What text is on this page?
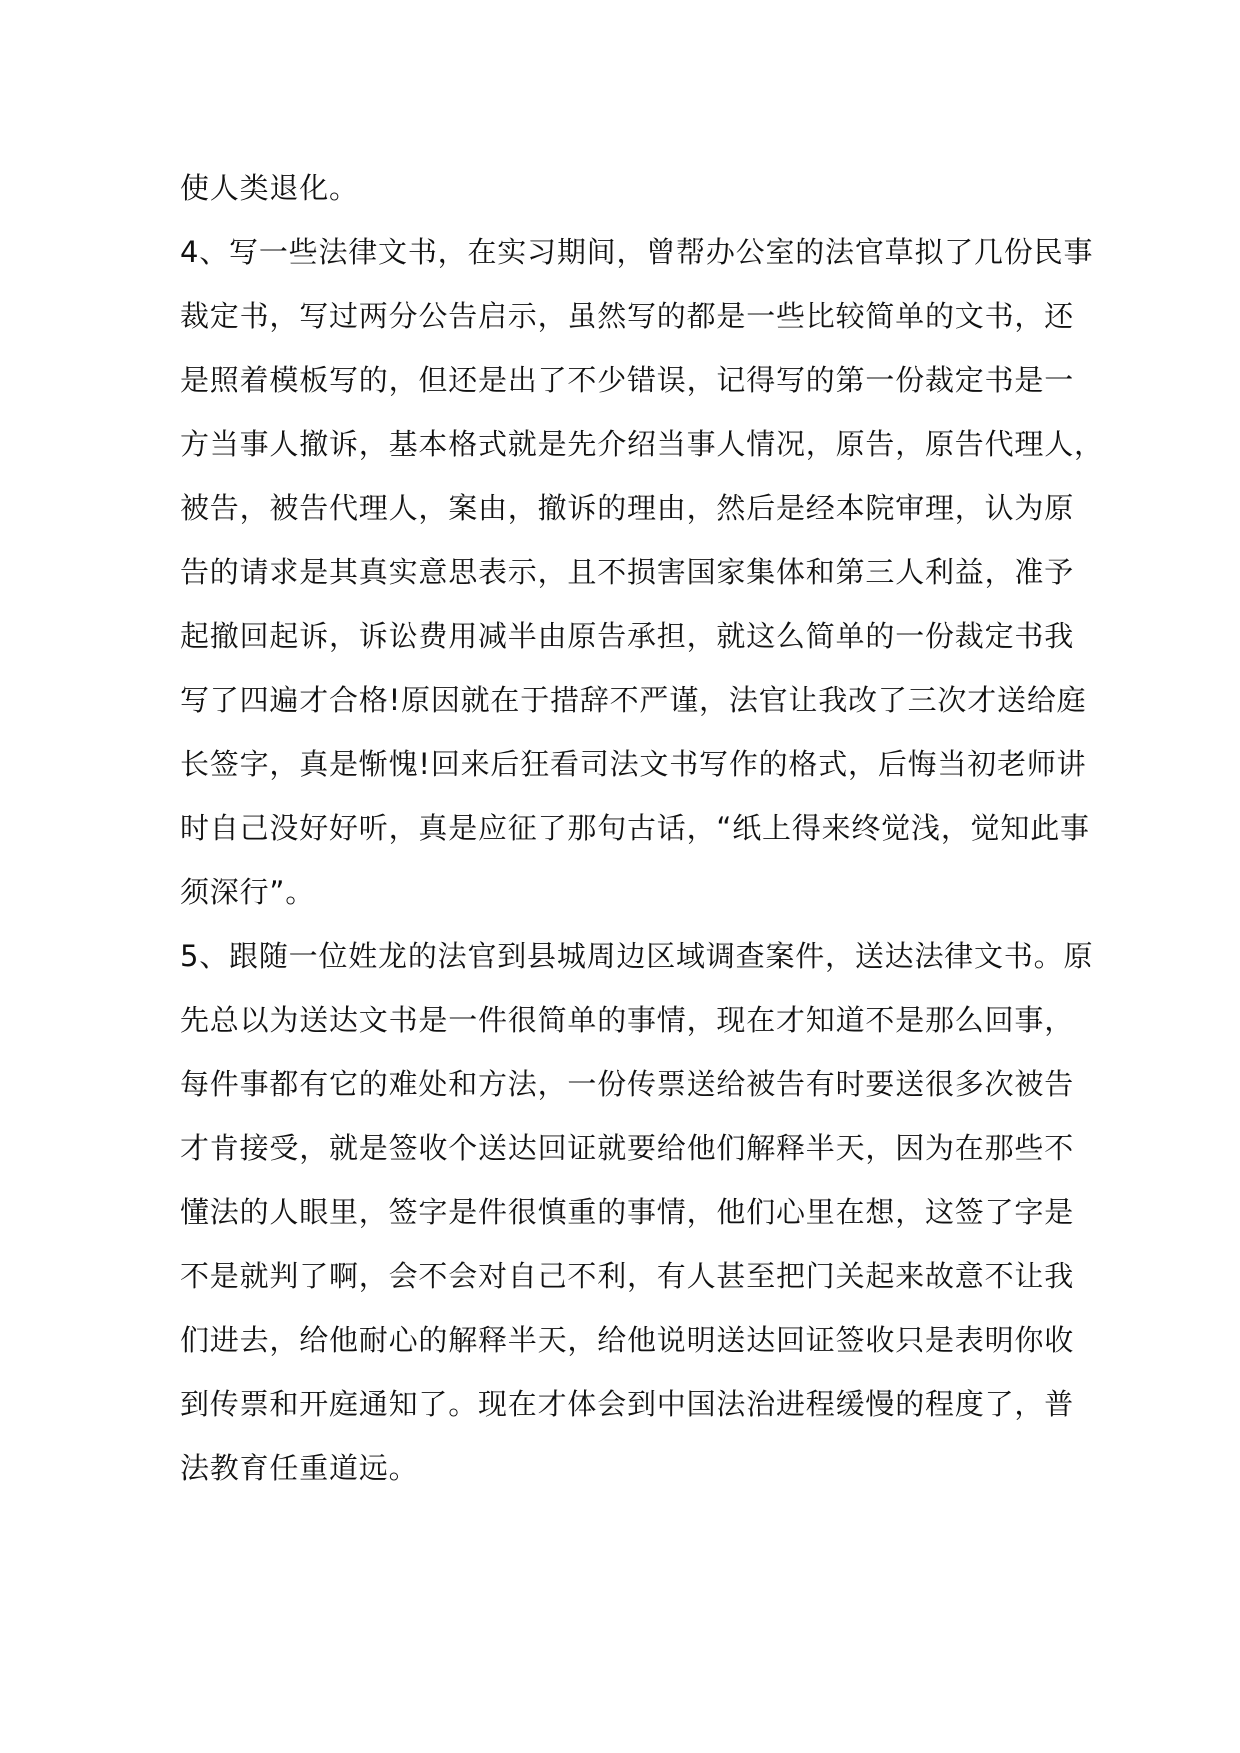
使人类退化。
4、写一些法律文书，在实习期间，曾帮办公室的法官草拟了几份民事
裁定书，写过两分公告启示，虽然写的都是一些比较简单的文书，还
是照着模板写的，但还是出了不少错误，记得写的第一份裁定书是一
方当事人撤诉，基本格式就是先介绍当事人情况，原告，原告代理人，
被告，被告代理人，案由，撤诉的理由，然后是经本院审理，认为原
告的请求是其真实意思表示，且不损害国家集体和第三人利益，准予
起撤回起诉，诉讼费用减半由原告承担，就这么简单的一份裁定书我
写了四遍才合格!原因就在于措辞不严谨，法官让我改了三次才送给庭
长签字，真是惭愧!回来后狂看司法文书写作的格式，后悔当初老师讲
时自己没好好听，真是应征了那句古话，“纸上得来终觉浅，觉知此事
须深行”。
5、跟随一位姓龙的法官到县城周边区域调查案件，送达法律文书。原
先总以为送达文书是一件很简单的事情，现在才知道不是那么回事，
每件事都有它的难处和方法，一份传票送给被告有时要送很多次被告
才肯接受，就是签收个送达回证就要给他们解释半天，因为在那些不
懂法的人眼里，签字是件很慎重的事情，他们心里在想，这签了字是
不是就判了啊，会不会对自己不利，有人甚至把门关起来故意不让我
们进去，给他耐心的解释半天，给他说明送达回证签收只是表明你收
到传票和开庭通知了。现在才体会到中国法治进程缓慢的程度了，普
法教育任重道远。
